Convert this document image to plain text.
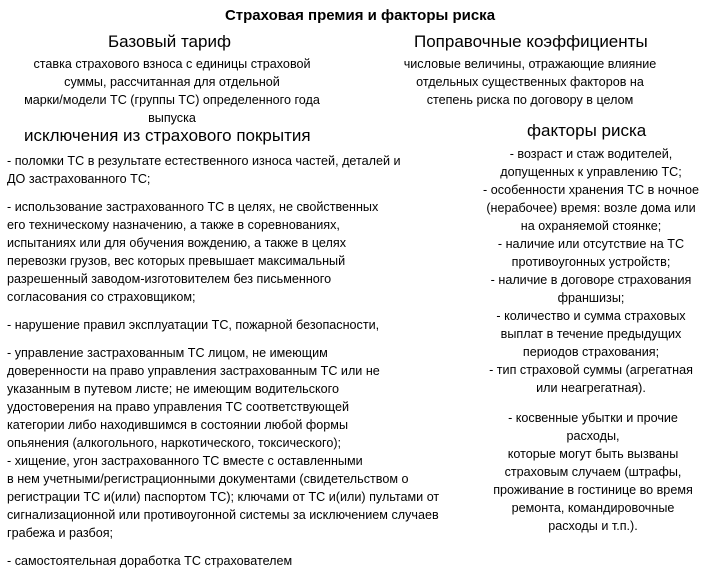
Страховая премия и факторы риска
Базовый тариф
ставка страхового взноса с единицы страховой
суммы, рассчитанная для отдельной
марки/модели ТС (группы ТС) определенного года
выпуска
Поправочные коэффициенты
числовые величины, отражающие влияние
отдельных существенных факторов на
степень риска по договору в целом
исключения из страхового покрытия
- поломки ТС в результате естественного износа частей, деталей и
ДО застрахованного ТС;
- использование застрахованного ТС в целях, не свойственных
его техническому назначению, а также в соревнованиях,
испытаниях или для обучения вождению, а также в целях
перевозки грузов, вес которых превышает максимальный
разрешенный заводом-изготовителем без письменного
согласования со страховщиком;
- нарушение правил эксплуатации ТС, пожарной безопасности,
- управление застрахованным ТС лицом, не имеющим
доверенности на право управления застрахованным ТС или не
указанным в путевом листе; не имеющим водительского
удостоверения на право управления ТС соответствующей
категории либо находившимся в состоянии любой формы
опьянения (алкогольного, наркотического, токсического);
- хищение, угон застрахованного ТС вместе с оставленными
в нем учетными/регистрационными документами (свидетельством о
регистрации ТС и(или) паспортом ТС); ключами от ТС и(или) пультами от
сигнализационной или противоугонной системы за исключением случаев
грабежа и разбоя;
- самостоятельная доработка ТС страхователем
факторы риска
- возраст и стаж водителей,
допущенных к управлению ТС;
- особенности хранения ТС в ночное
(нерабочее) время: возле дома или
на охраняемой стоянке;
- наличие или отсутствие на ТС
противоугонных устройств;
- наличие в договоре страхования
франшизы;
- количество и сумма страховых
выплат в течение предыдущих
периодов страхования;
- тип страховой суммы (агрегатная
или неагрегатная).
- косвенные убытки и прочие
расходы,
которые могут быть вызваны
страховым случаем (штрафы,
проживание в гостинице во время
ремонта, командировочные
расходы и т.п.).
